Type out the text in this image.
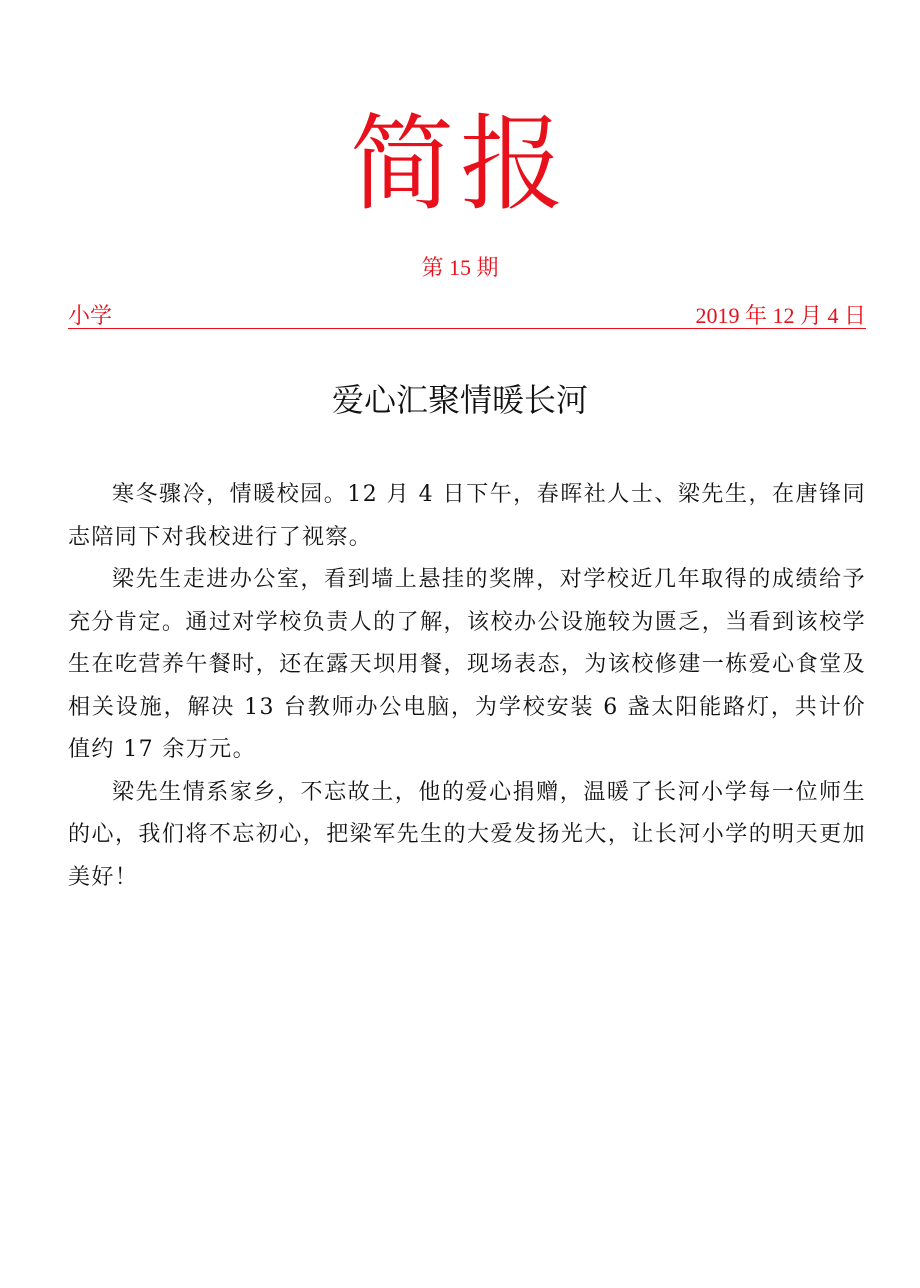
简报
第 15 期
小学	2019 年 12 月 4 日
爱心汇聚情暖长河

寒冬骤冷，情暖校园。12 月 4 日下午，春晖社人士、梁先生，在唐锋同志陪同下对我校进行了视察。

梁先生走进办公室，看到墙上悬挂的奖牌，对学校近几年取得的成绩给予充分肯定。通过对学校负责人的了解，该校办公设施较为匮乏，当看到该校学生在吃营养午餐时，还在露天坝用餐，现场表态，为该校修建一栋爱心食堂及相关设施，解决 13 台教师办公电脑，为学校安装 6 盏太阳能路灯，共计价值约 17 余万元。

梁先生情系家乡，不忘故土，他的爱心捐赠，温暖了长河小学每一位师生的心，我们将不忘初心，把梁军先生的大爱发扬光大，让长河小学的明天更加美好！
